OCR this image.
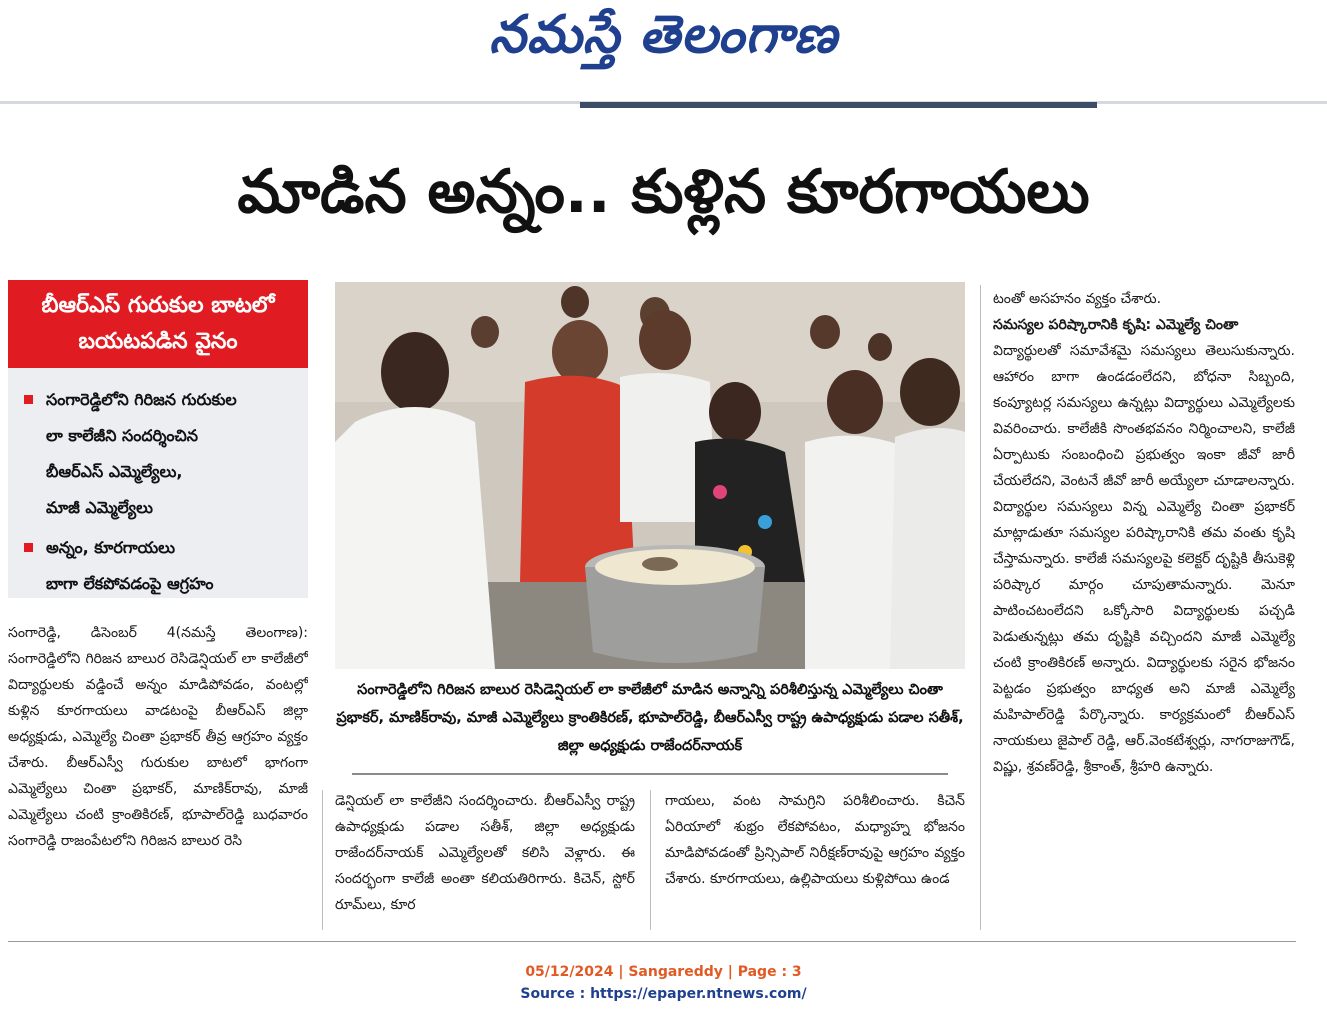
నమస్తే తెలంగాణ
మాడిన అన్నం.. కుళ్లిన కూరగాయలు
బీఆర్ఎస్ గురుకుల బాటలో
బయటపడిన వైనం
సంగారెడ్డిలోని గిరిజన గురుకుల
లా కాలేజీని సందర్శించిన
బీఆర్ఎస్ ఎమ్మెల్యేలు,
మాజీ ఎమ్మెల్యేలు
అన్నం, కూరగాయలు
బాగా లేకపోవడంపై ఆగ్రహం
సంగారెడ్డిలోని గిరిజన బాలుర రెసిడెన్షియల్ లా కాలేజీలో మాడిన అన్నాన్ని పరిశీలిస్తున్న ఎమ్మెల్యేలు చింతా ప్రభాకర్, మాణిక్‌రావు, మాజీ ఎమ్మెల్యేలు క్రాంతికిరణ్, భూపాల్‌రెడ్డి, బీఆర్ఎస్వీ రాష్ట్ర ఉపాధ్యక్షుడు పడాల సతీశ్, జిల్లా అధ్యక్షుడు రాజేందర్‌నాయక్

సంగారెడ్డి, డిసెంబర్ 4(నమస్తే తెలంగాణ): సంగారెడ్డిలోని గిరిజన బాలుర రెసిడెన్షియల్ లా కాలేజీలో విద్యార్థులకు వడ్డించే అన్నం మాడిపోవడం, వంటల్లో కుళ్లిన కూరగాయలు వాడటంపై బీఆర్ఎస్ జిల్లా అధ్యక్షుడు, ఎమ్మెల్యే చింతా ప్రభాకర్ తీవ్ర ఆగ్రహం వ్యక్తం చేశారు. బీఆర్ఎస్వీ గురుకుల బాటలో భాగంగా ఎమ్మెల్యేలు చింతా ప్రభాకర్, మాణిక్‌రావు, మాజీ ఎమ్మెల్యేలు చంటి క్రాంతికిరణ్, భూపాల్‌రెడ్డి బుధవారం సంగారెడ్డి రాజంపేటలోని గిరిజన బాలుర రెసి

డెన్షియల్ లా కాలేజీని సందర్శించారు. బీఆర్ఎస్వీ రాష్ట్ర ఉపాధ్యక్షుడు పడాల సతీశ్, జిల్లా అధ్యక్షుడు రాజేందర్‌నాయక్ ఎమ్మెల్యేలతో కలిసి వెళ్లారు. ఈ సందర్భంగా కాలేజీ అంతా కలియతిరిగారు. కిచెన్, స్టోర్ రూమ్‌లు, కూర

గాయలు, వంట సామగ్రిని పరిశీలించారు. కిచెన్ ఏరియాలో శుభ్రం లేకపోవటం, మధ్యాహ్న భోజనం మాడిపోవడంతో ప్రిన్సిపాల్ నిరీక్షణ్‌రావుపై ఆగ్రహం వ్యక్తం చేశారు. కూరగాయలు, ఉల్లిపాయలు కుళ్లిపోయి ఉండ

టంతో అసహనం వ్యక్తం చేశారు.

సమస్యల పరిష్కారానికి కృషి: ఎమ్మెల్యే చింతా

విద్యార్థులతో సమావేశమై సమస్యలు తెలుసుకున్నారు. ఆహారం బాగా ఉండడంలేదని, బోధనా సిబ్బంది, కంప్యూటర్ల సమస్యలు ఉన్నట్లు విద్యార్థులు ఎమ్మెల్యేలకు వివరించారు. కాలేజీకి సొంతభవనం నిర్మించాలని, కాలేజీ ఏర్పాటుకు సంబంధించి ప్రభుత్వం ఇంకా జీవో జారీ చేయలేదని, వెంటనే జీవో జారీ అయ్యేలా చూడాలన్నారు. విద్యార్థుల సమస్యలు విన్న ఎమ్మెల్యే చింతా ప్రభాకర్ మాట్లాడుతూ సమస్యల పరిష్కారానికి తమ వంతు కృషి చేస్తామన్నారు. కాలేజీ సమస్యలపై కలెక్టర్ దృష్టికి తీసుకెళ్లి పరిష్కార మార్గం చూపుతామన్నారు. మెనూ పాటించటంలేదని ఒక్కోసారి విద్యార్థులకు పచ్చడి పెడుతున్నట్లు తమ దృష్టికి వచ్చిందని మాజీ ఎమ్మెల్యే చంటి క్రాంతికిరణ్ అన్నారు. విద్యార్థులకు సరైన భోజనం పెట్టడం ప్రభుత్వం బాధ్యత అని మాజీ ఎమ్మెల్యే మహిపాల్‌రెడ్డి పేర్కొన్నారు. కార్యక్రమంలో బీఆర్ఎస్ నాయకులు జైపాల్ రెడ్డి, ఆర్.వెంకటేశ్వర్లు, నాగరాజుగౌడ్, విష్ణు, శ్రవణ్‌రెడ్డి, శ్రీకాంత్, శ్రీహరి ఉన్నారు.

05/12/2024 | Sangareddy | Page : 3
Source : https://epaper.ntnews.com/
